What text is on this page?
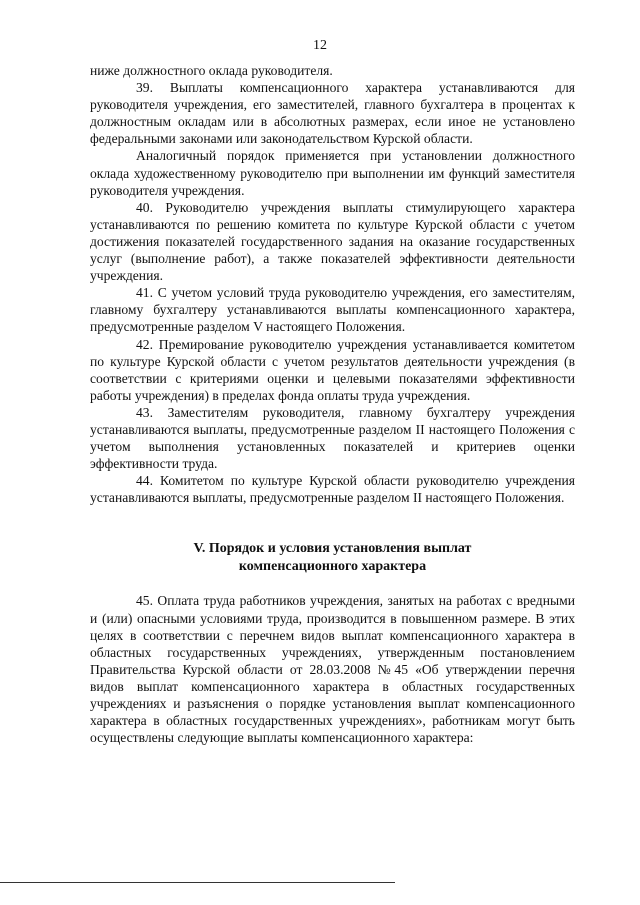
12

ниже должностного оклада руководителя.

39. Выплаты компенсационного характера устанавливаются для руководителя учреждения, его заместителей, главного бухгалтера в процентах к должностным окладам или в абсолютных размерах, если иное не установлено федеральными законами или законодательством Курской области.

Аналогичный порядок применяется при установлении должностного оклада художественному руководителю при выполнении им функций заместителя руководителя учреждения.

40. Руководителю учреждения выплаты стимулирующего характера устанавливаются по решению комитета по культуре Курской области с учетом достижения показателей государственного задания на оказание государственных услуг (выполнение работ), а также показателей эффективности деятельности учреждения.

41. С учетом условий труда руководителю учреждения, его заместителям, главному бухгалтеру устанавливаются выплаты компенсационного характера, предусмотренные разделом V настоящего Положения.

42. Премирование руководителю учреждения устанавливается комитетом по культуре Курской области с учетом результатов деятельности учреждения (в соответствии с критериями оценки и целевыми показателями эффективности работы учреждения) в пределах фонда оплаты труда учреждения.

43. Заместителям руководителя, главному бухгалтеру учреждения устанавливаются выплаты, предусмотренные разделом II настоящего Положения с учетом выполнения установленных показателей и критериев оценки эффективности труда.

44. Комитетом по культуре Курской области руководителю учреждения устанавливаются выплаты, предусмотренные разделом II настоящего Положения.

V. Порядок и условия установления выплат
компенсационного характера

45. Оплата труда работников учреждения, занятых на работах с вредными и (или) опасными условиями труда, производится в повышенном размере. В этих целях в соответствии с перечнем видов выплат компенсационного характера в областных государственных учреждениях, утвержденным постановлением Правительства Курской области от 28.03.2008 №45 «Об утверждении перечня видов выплат компенсационного характера в областных государственных учреждениях и разъяснения о порядке установления выплат компенсационного характера в областных государственных учреждениях», работникам могут быть осуществлены следующие выплаты компенсационного характера:
